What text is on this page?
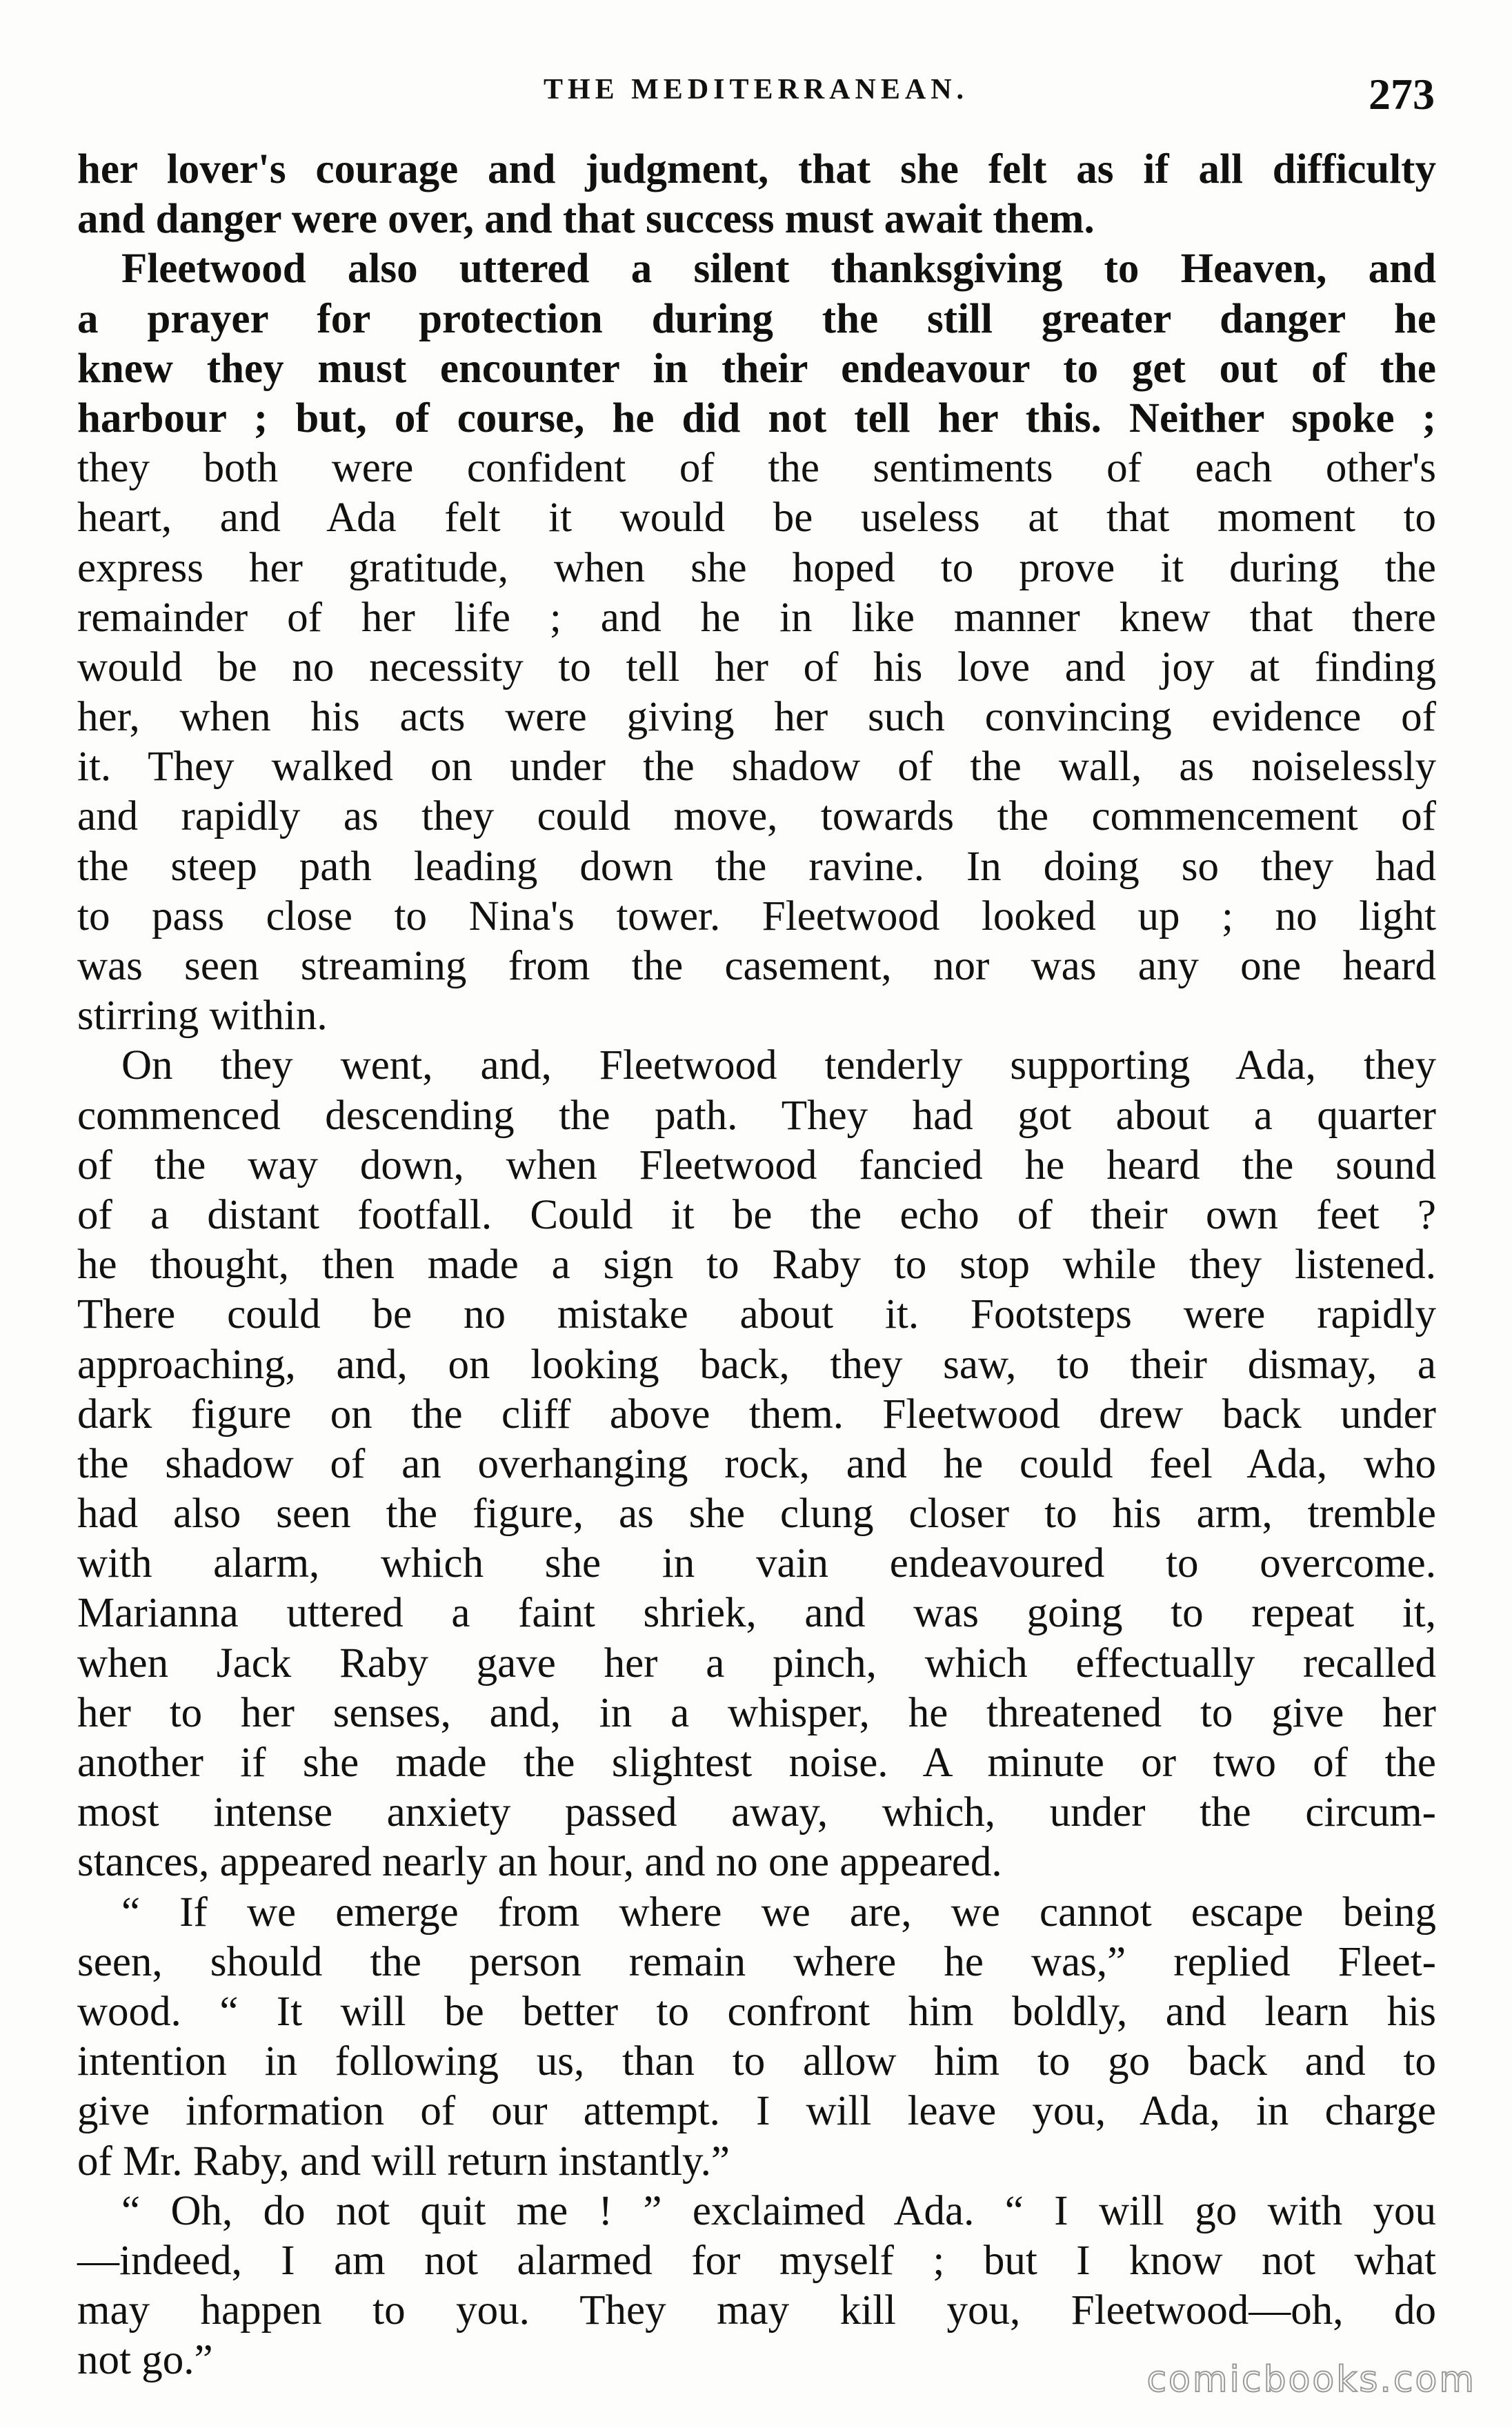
THE MEDITERRANEAN.	273
her lover's courage and judgment, that she felt as if all difficulty
and danger were over, and that success must await them.
Fleetwood also uttered a silent thanksgiving to Heaven, and
a prayer for protection during the still greater danger he
knew they must encounter in their endeavour to get out of the
harbour ; but, of course, he did not tell her this. Neither spoke ;
they both were confident of the sentiments of each other's
heart, and Ada felt it would be useless at that moment to
express her gratitude, when she hoped to prove it during the
remainder of her life ; and he in like manner knew that there
would be no necessity to tell her of his love and joy at finding
her, when his acts were giving her such convincing evidence of
it. They walked on under the shadow of the wall, as noiselessly
and rapidly as they could move, towards the commencement of
the steep path leading down the ravine. In doing so they had
to pass close to Nina's tower. Fleetwood looked up ; no light
was seen streaming from the casement, nor was any one heard
stirring within.
On they went, and, Fleetwood tenderly supporting Ada, they
commenced descending the path. They had got about a quarter
of the way down, when Fleetwood fancied he heard the sound
of a distant footfall. Could it be the echo of their own feet ?
he thought, then made a sign to Raby to stop while they listened.
There could be no mistake about it. Footsteps were rapidly
approaching, and, on looking back, they saw, to their dismay, a
dark figure on the cliff above them. Fleetwood drew back under
the shadow of an overhanging rock, and he could feel Ada, who
had also seen the figure, as she clung closer to his arm, tremble
with alarm, which she in vain endeavoured to overcome.
Marianna uttered a faint shriek, and was going to repeat it,
when Jack Raby gave her a pinch, which effectually recalled
her to her senses, and, in a whisper, he threatened to give her
another if she made the slightest noise. A minute or two of the
most intense anxiety passed away, which, under the circum-
stances, appeared nearly an hour, and no one appeared.
“ If we emerge from where we are, we cannot escape being
seen, should the person remain where he was,” replied Fleet-
wood. “ It will be better to confront him boldly, and learn his
intention in following us, than to allow him to go back and to
give information of our attempt. I will leave you, Ada, in charge
of Mr. Raby, and will return instantly.”
“ Oh, do not quit me ! ” exclaimed Ada. “ I will go with you
—indeed, I am not alarmed for myself ; but I know not what
may happen to you. They may kill you, Fleetwood—oh, do
not go.”	comicbooks.com
